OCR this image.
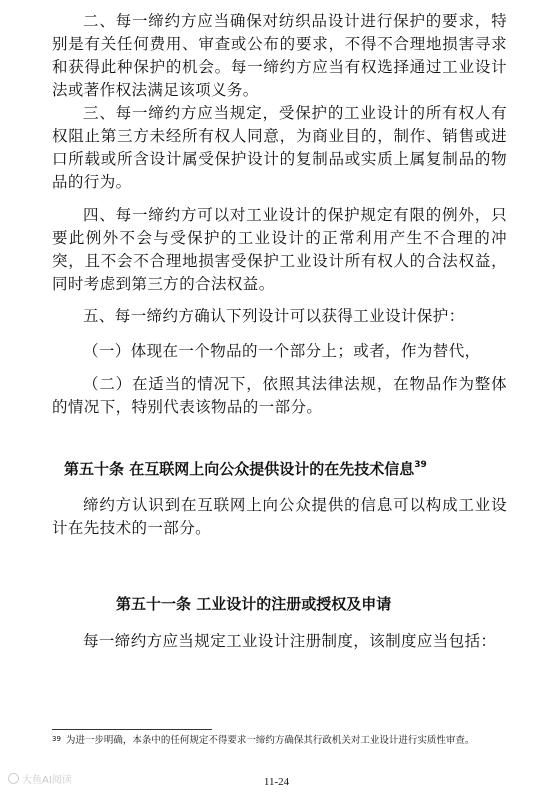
二、每一缔约方应当确保对纺织品设计进行保护的要求，特别是有关任何费用、审查或公布的要求，不得不合理地损害寻求和获得此种保护的机会。每一缔约方应当有权选择通过工业设计法或著作权法满足该项义务。

三、每一缔约方应当规定，受保护的工业设计的所有权人有权阻止第三方未经所有权人同意，为商业目的，制作、销售或进口所载或所含设计属受保护设计的复制品或实质上属复制品的物品的行为。

四、每一缔约方可以对工业设计的保护规定有限的例外，只要此例外不会与受保护的工业设计的正常利用产生不合理的冲突，且不会不合理地损害受保护工业设计所有权人的合法权益，同时考虑到第三方的合法权益。

五、每一缔约方确认下列设计可以获得工业设计保护：

（一）体现在一个物品的一个部分上；或者，作为替代，

（二）在适当的情况下，依照其法律法规，在物品作为整体的情况下，特别代表该物品的一部分。

第五十条 在互联网上向公众提供设计的在先技术信息$^{39}$

缔约方认识到在互联网上向公众提供的信息可以构成工业设计在先技术的一部分。

第五十一条 工业设计的注册或授权及申请

每一缔约方应当规定工业设计注册制度，该制度应当包括：

$^{39}$ 为进一步明确，本条中的任何规定不得要求一缔约方确保其行政机关对工业设计进行实质性审查。

大鱼AI阅读	11-24
